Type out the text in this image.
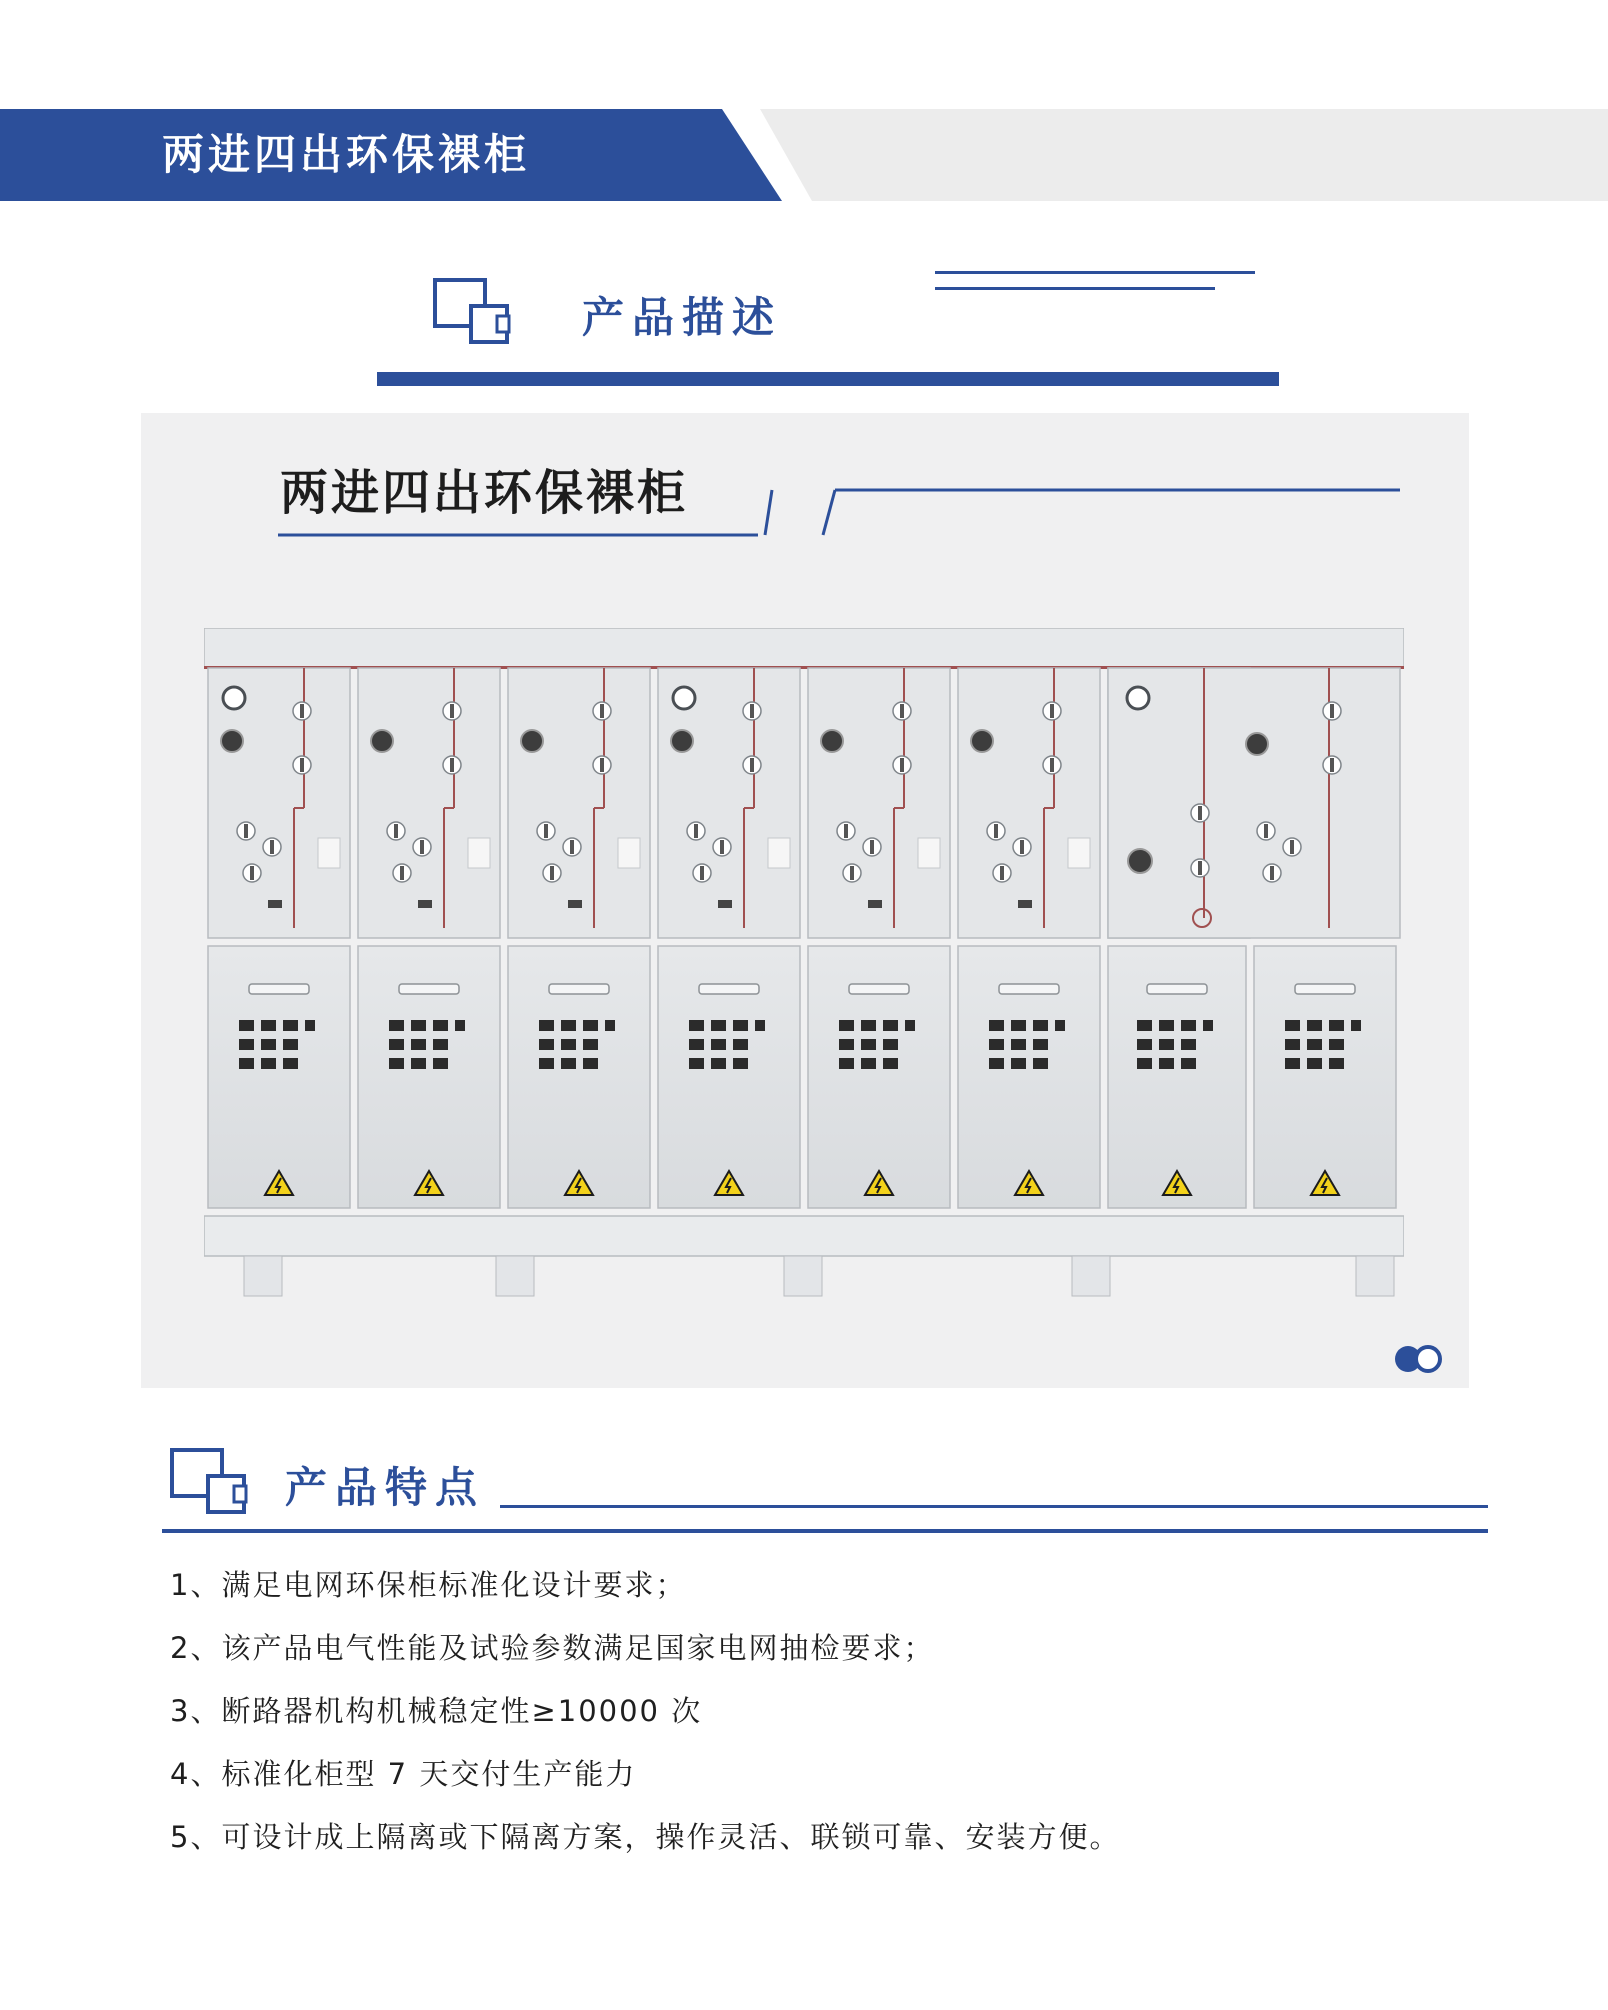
两进四出环保裸柜
产品描述
两进四出环保裸柜
产品特点
1、满足电网环保柜标准化设计要求；
2、该产品电气性能及试验参数满足国家电网抽检要求；
3、断路器机构机械稳定性≥10000 次
4、标准化柜型 7 天交付生产能力
5、可设计成上隔离或下隔离方案，操作灵活、联锁可靠、安装方便。
